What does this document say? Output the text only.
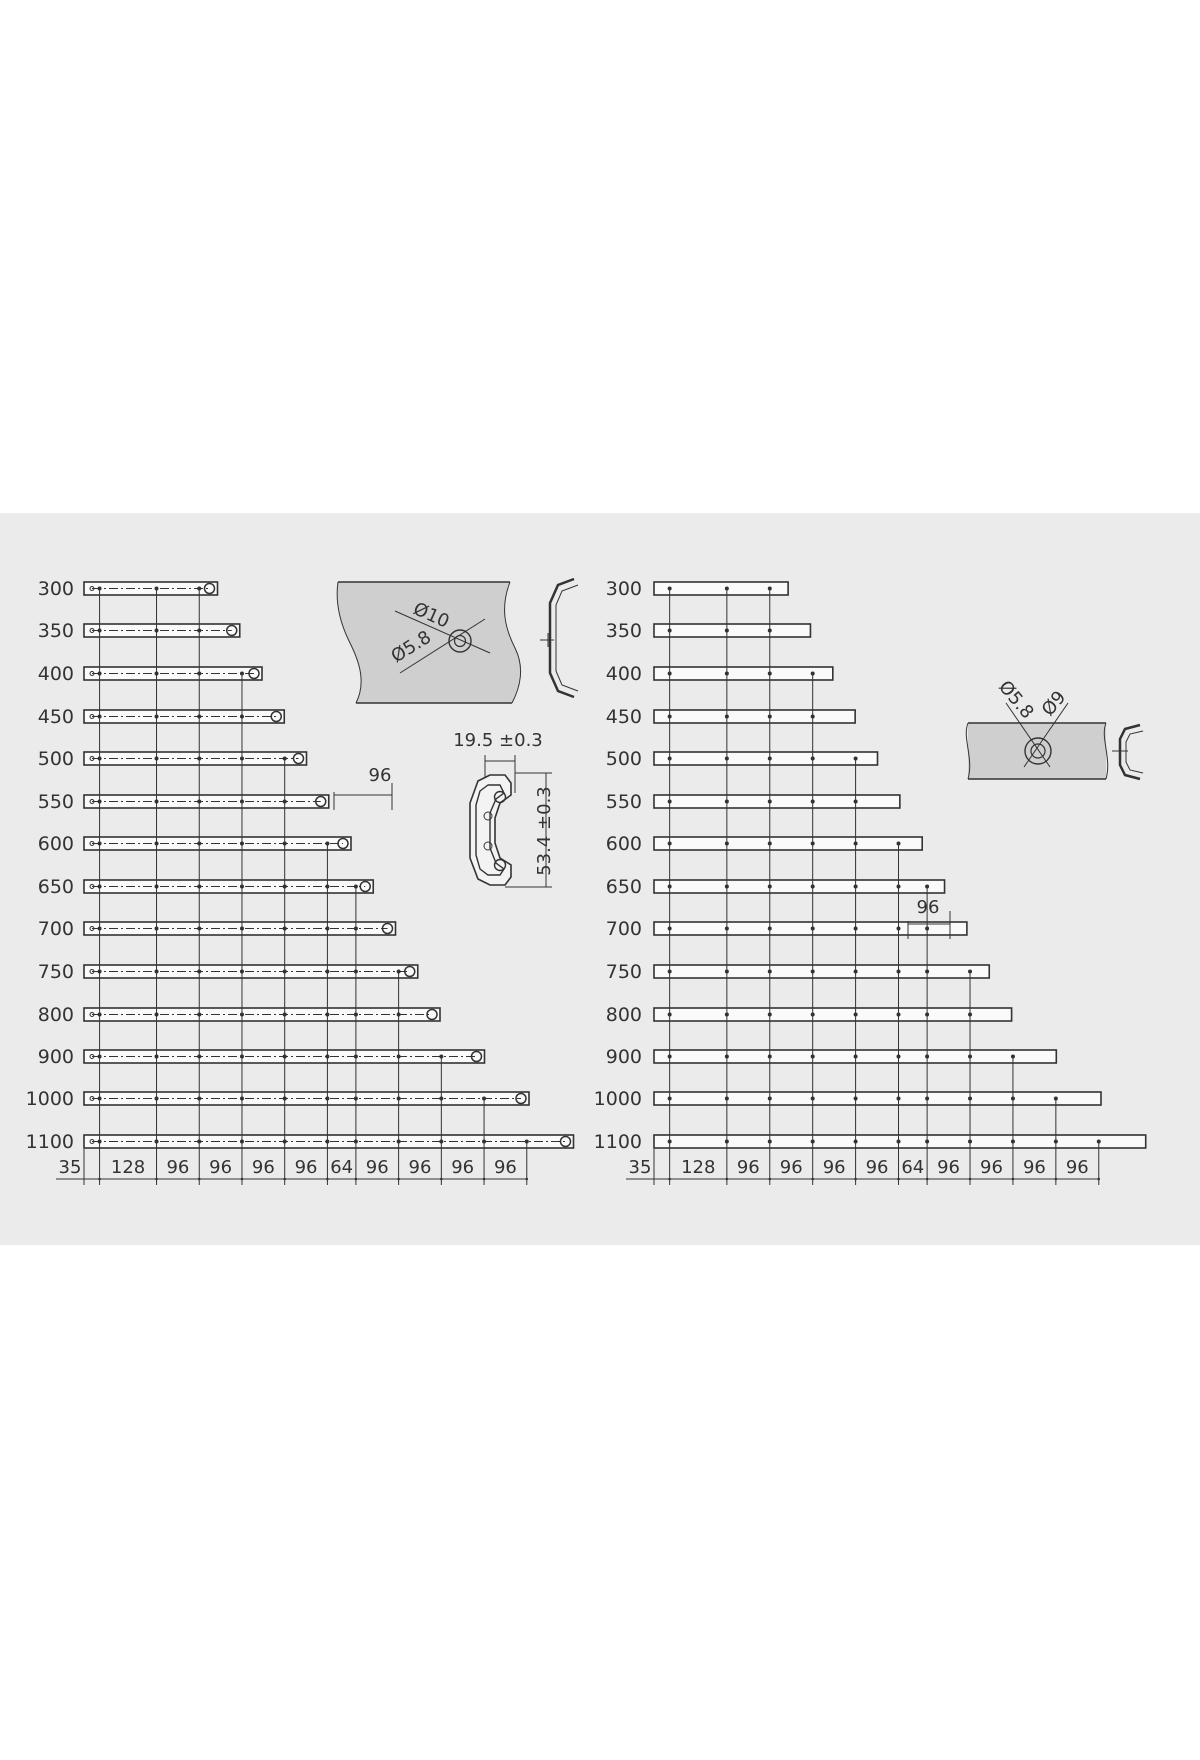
300
350
400
450
500
550
600
650
700
750
800
900
1000
1100
35 128 96 96 96 96 64 96 96 96 96
96
Ø10
Ø5.8
19.5 ±0.3
53.4 ±0.3
300
350
400
450
500
550
600
650
700
750
800
900
1000
1100
35 128 96 96 96 96 64 96 96 96 96
96
Ø5.8 Ø9
